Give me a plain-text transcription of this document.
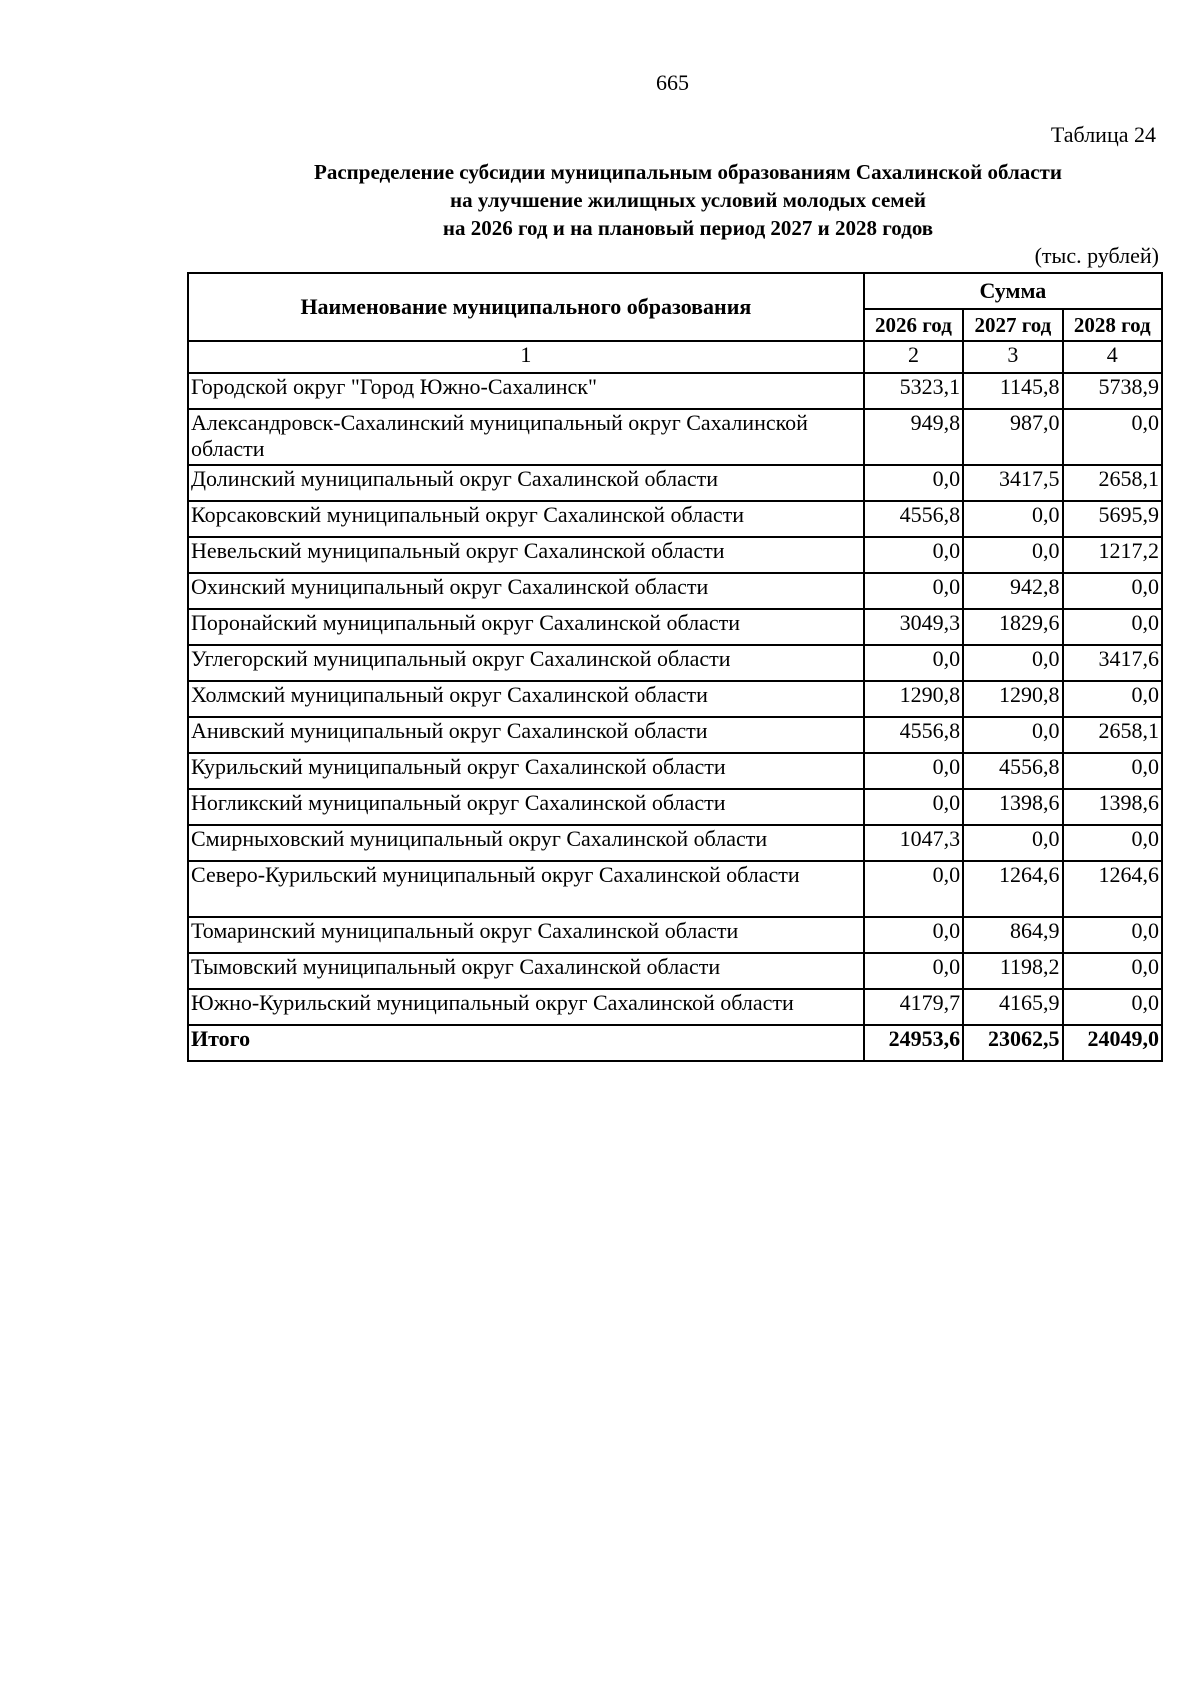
665
Таблица 24
Распределение субсидии муниципальным образованиям Сахалинской области
на улучшение жилищных условий молодых семей
на 2026 год и на плановый период 2027 и 2028 годов
(тыс. рублей)
Наименование муниципального образования	Сумма		
	2026 год	2027 год	2028 год
1	2	3	4
Городской округ "Город Южно-Сахалинск"	5323,1	1145,8	5738,9
Александровск-Сахалинский муниципальный округ Сахалинской области	949,8	987,0	0,0
Долинский муниципальный округ Сахалинской области	0,0	3417,5	2658,1
Корсаковский муниципальный округ Сахалинской области	4556,8	0,0	5695,9
Невельский муниципальный округ Сахалинской области	0,0	0,0	1217,2
Охинский муниципальный округ Сахалинской области	0,0	942,8	0,0
Поронайский муниципальный округ Сахалинской области	3049,3	1829,6	0,0
Углегорский муниципальный округ Сахалинской области	0,0	0,0	3417,6
Холмский муниципальный округ Сахалинской области	1290,8	1290,8	0,0
Анивский муниципальный округ Сахалинской области	4556,8	0,0	2658,1
Курильский муниципальный округ Сахалинской области	0,0	4556,8	0,0
Ногликский муниципальный округ Сахалинской области	0,0	1398,6	1398,6
Смирныховский муниципальный округ Сахалинской области	1047,3	0,0	0,0
Северо-Курильский муниципальный округ Сахалинской области	0,0	1264,6	1264,6
Томаринский муниципальный округ Сахалинской области	0,0	864,9	0,0
Тымовский муниципальный округ Сахалинской области	0,0	1198,2	0,0
Южно-Курильский муниципальный округ Сахалинской области	4179,7	4165,9	0,0
Итого	24953,6	23062,5	24049,0
